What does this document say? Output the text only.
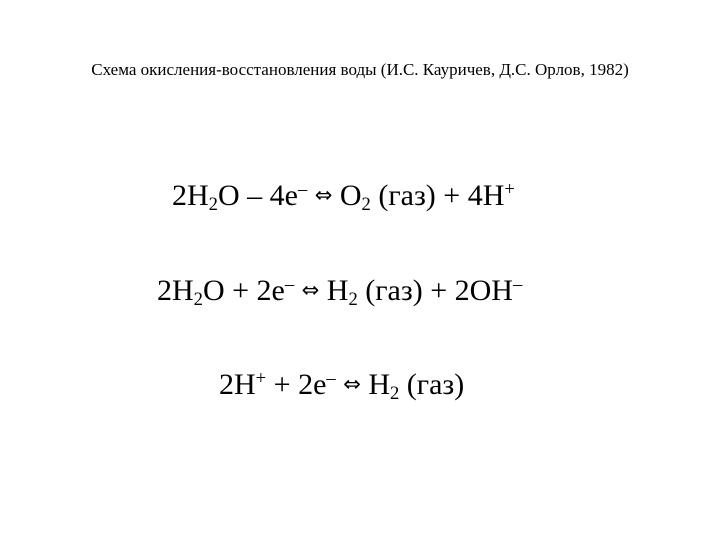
Схема окисления-восстановления воды (И.С. Кауричев, Д.С. Орлов, 1982)
$2H_2O - 4e^-$ ⇔ $O_2$ (газ) + 4H+
$2H_2O + 2e^-$ ⇔ $H_2$ (газ) + 2OH–
2H+ + 2e– ⇔ $H_2$ (газ)
